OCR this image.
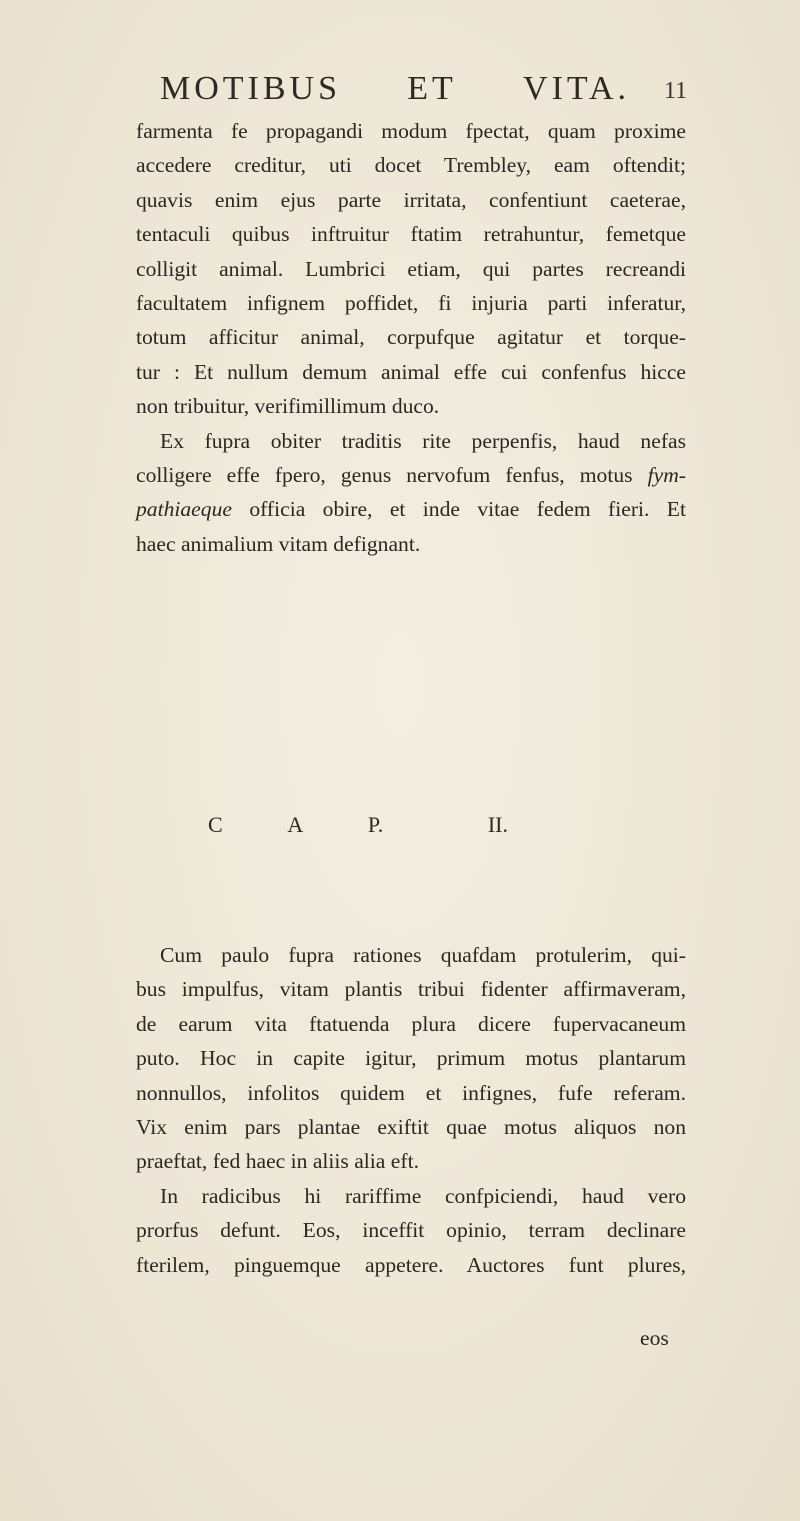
MOTIBUS ET VITA. 11
farmenta fe propagandi modum fpectat, quam proxime
accedere creditur, uti docet Trembley, eam oftendit;
quavis enim ejus parte irritata, confentiunt caeterae,
tentaculi quibus inftruitur ftatim retrahuntur, femetque
colligit animal. Lumbrici etiam, qui partes recreandi
facultatem infignem poffidet, fi injuria parti inferatur,
totum afficitur animal, corpufque agitatur et torque-
tur : Et nullum demum animal effe cui confenfus hicce
non tribuitur, verifimillimum duco.
Ex fupra obiter traditis rite perpenfis, haud nefas
colligere effe fpero, genus nervofum fenfus, motus fym-
pathiaeque officia obire, et inde vitae fedem fieri. Et
haec animalium vitam defignant.
C	A	P.	II.
Cum paulo fupra rationes quafdam protulerim, qui-
bus impulfus, vitam plantis tribui fidenter affirmaveram,
de earum vita ftatuenda plura dicere fupervacaneum
puto. Hoc in capite igitur, primum motus plantarum
nonnullos, infolitos quidem et infignes, fufe referam.
Vix enim pars plantae exiftit quae motus aliquos non
praeftat, fed haec in aliis alia eft.
In radicibus hi rariffime confpiciendi, haud vero
prorfus defunt. Eos, inceffit opinio, terram declinare
fterilem, pinguemque appetere. Auctores funt plures,
eos
